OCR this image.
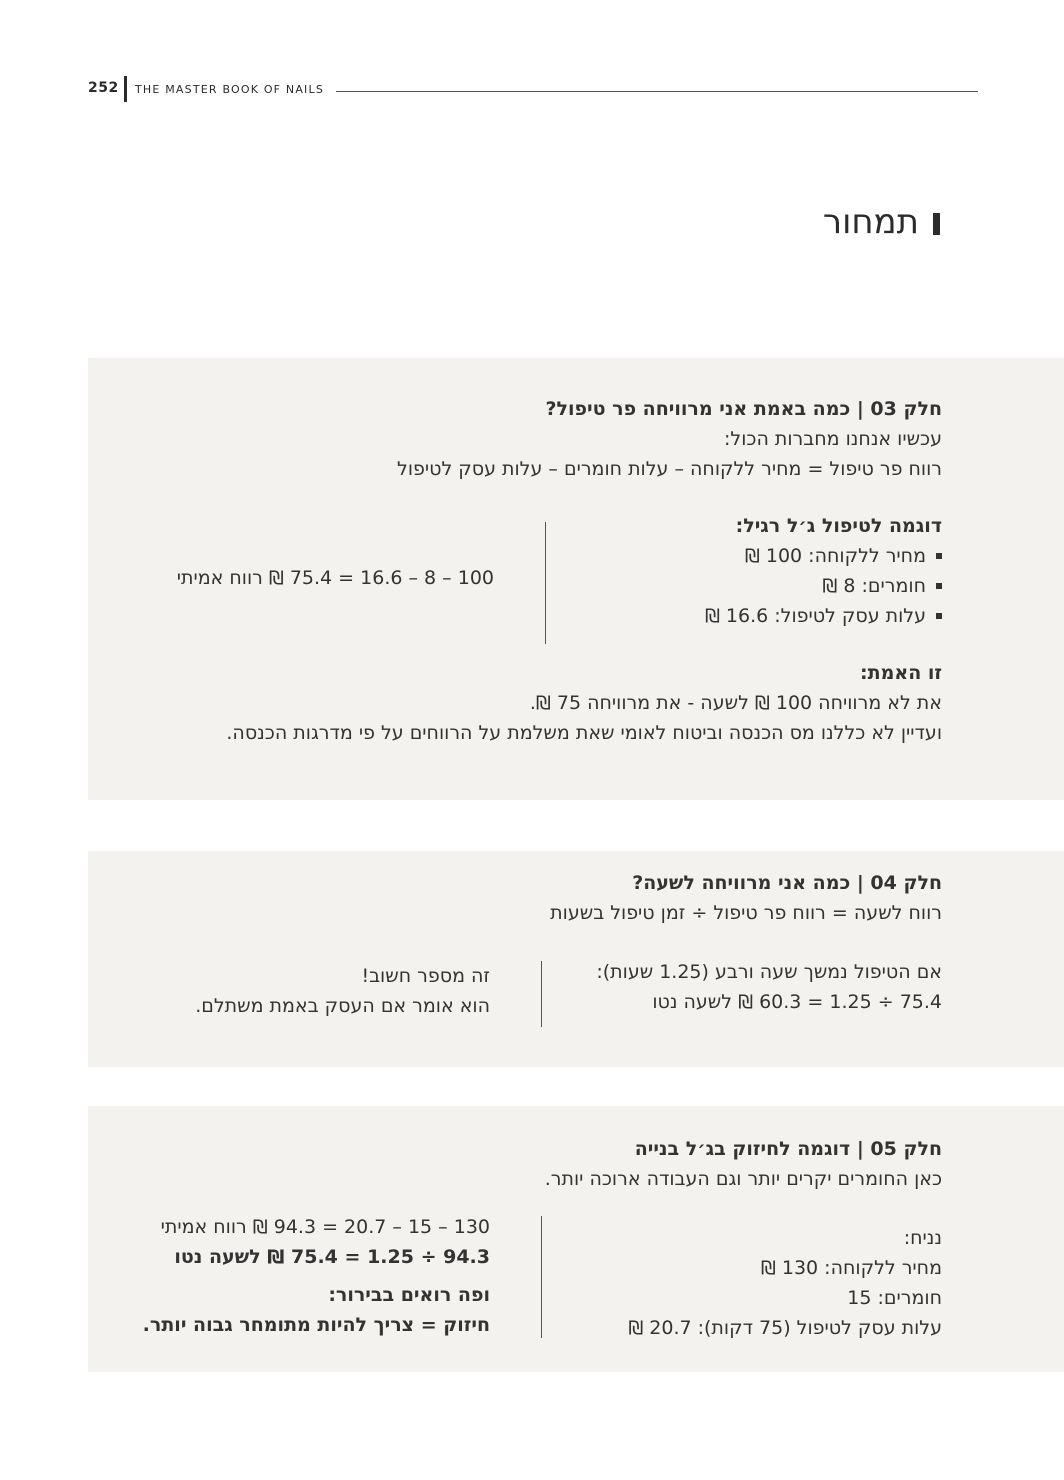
252 THE MASTER BOOK OF NAILS
תמחור
חלק 03 | כמה באמת אני מרוויחה פר טיפול?
עכשיו אנחנו מחברות הכול:
רווח פר טיפול = מחיר ללקוחה – עלות חומרים – עלות עסק לטיפול
דוגמה לטיפול ג׳ל רגיל:
מחיר ללקוחה: 100 ₪
חומרים: 8 ₪
עלות עסק לטיפול: 16.6 ₪
100 – 8 – 16.6 = 75.4 ₪ רווח אמיתי
זו האמת:
את לא מרוויחה 100 ₪ לשעה - את מרוויחה 75 ₪.
ועדיין לא כללנו מס הכנסה וביטוח לאומי שאת משלמת על הרווחים על פי מדרגות הכנסה.
חלק 04 | כמה אני מרוויחה לשעה?
רווח לשעה = רווח פר טיפול ÷ זמן טיפול בשעות
אם הטיפול נמשך שעה ורבע (1.25 שעות):
75.4 ÷ 1.25 = 60.3 ₪ לשעה נטו
זה מספר חשוב!
הוא אומר אם העסק באמת משתלם.
חלק 05 | דוגמה לחיזוק בג׳ל בנייה
כאן החומרים יקרים יותר וגם העבודה ארוכה יותר.
נניח:
מחיר ללקוחה: 130 ₪
חומרים: 15
עלות עסק לטיפול (75 דקות): 20.7 ₪
130 – 15 – 20.7 = 94.3 ₪ רווח אמיתי
94.3 ÷ 1.25 = 75.4 ₪ לשעה נטו
ופה רואים בבירור:
חיזוק = צריך להיות מתומחר גבוה יותר.
